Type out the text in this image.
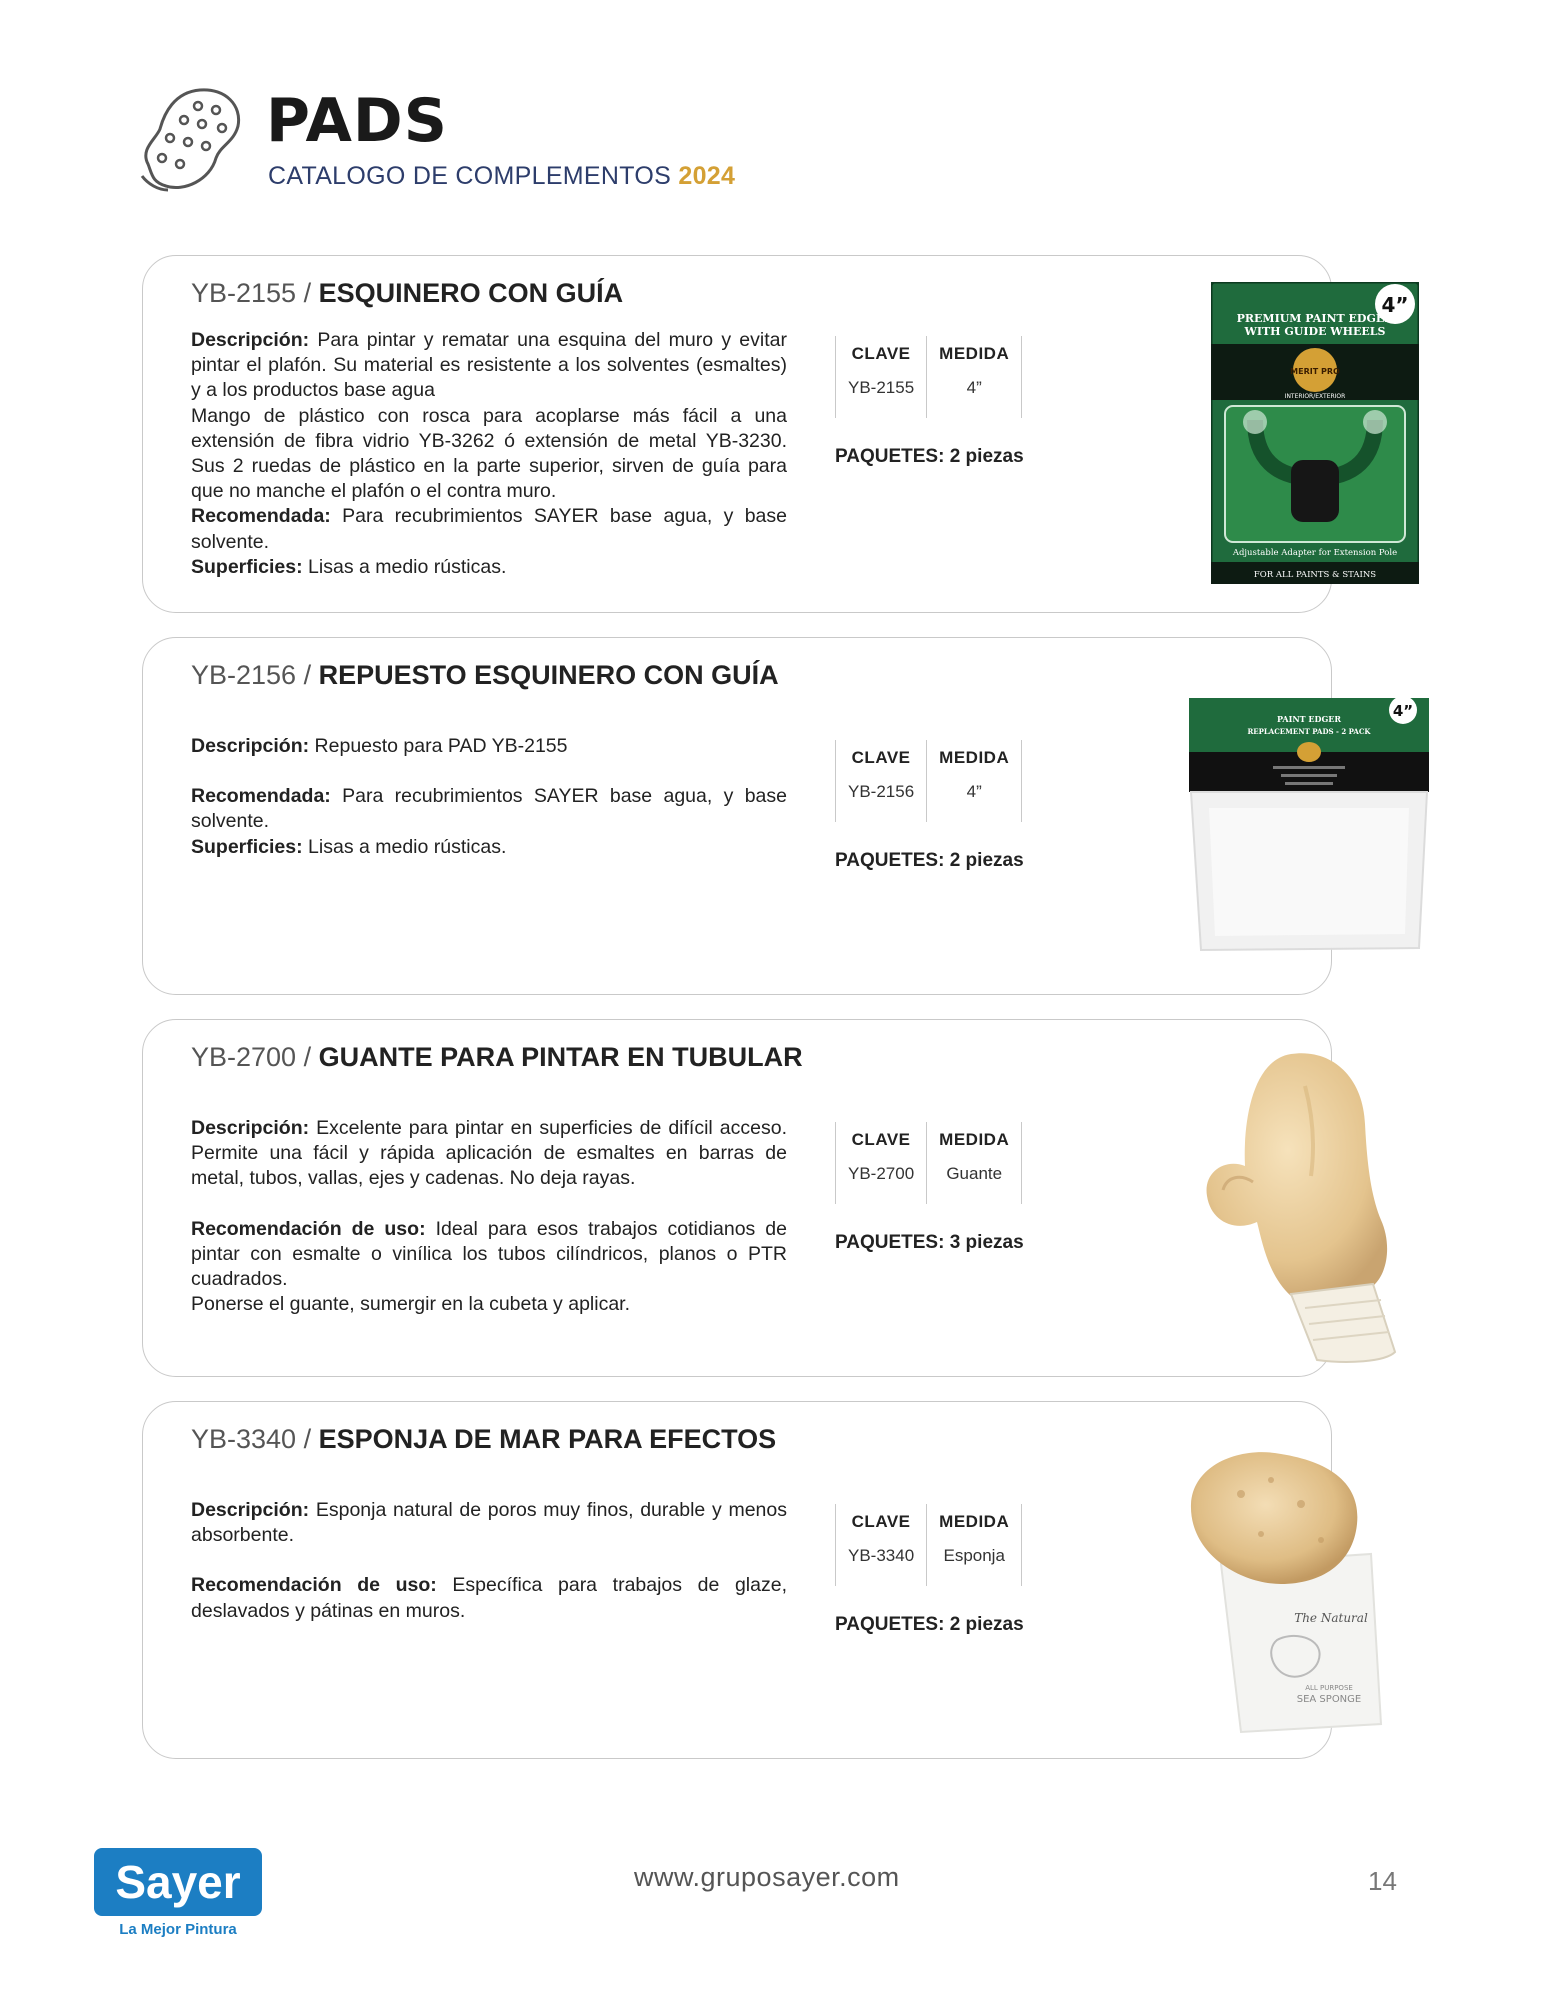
PADS
CATALOGO DE COMPLEMENTOS 2024
YB-2155 / ESQUINERO CON GUÍA

Descripción: Para pintar y rematar una esquina del muro y evitar pintar el plafón. Su material es resistente a los solventes (esmaltes) y a los productos base agua

Mango de plástico con rosca para acoplarse más fácil a una extensión de fibra vidrio YB-3262 ó extensión de metal YB-3230. Sus 2 ruedas de plástico en la parte superior, sirven de guía para que no manche el plafón o el contra muro.

Recomendada: Para recubrimientos SAYER base agua, y base solvente.

Superficies: Lisas a medio rústicas.

CLAVE
YB-2155
MEDIDA
4”
PAQUETES: 2 piezas
4”
PREMIUM PAINT EDGER
WITH GUIDE WHEELS
MERIT PRO
INTERIOR/EXTERIOR
Adjustable Adapter for Extension Pole
FOR ALL PAINTS & STAINS
YB-2156 / REPUESTO ESQUINERO CON GUÍA

Descripción: Repuesto para PAD YB-2155

Recomendada: Para recubrimientos SAYER base agua, y base solvente.

Superficies: Lisas a medio rústicas.

CLAVE
YB-2156
MEDIDA
4”
PAQUETES: 2 piezas
4”
PAINT EDGER
REPLACEMENT PADS - 2 PACK
YB-2700 / GUANTE PARA PINTAR EN TUBULAR

Descripción: Excelente para pintar en superficies de difícil acceso. Permite una fácil y rápida aplicación de esmaltes en barras de metal, tubos, vallas, ejes y cadenas. No deja rayas.

Recomendación de uso: Ideal para esos trabajos cotidianos de pintar con esmalte o vinílica los tubos cilíndricos, planos o PTR cuadrados.

Ponerse el guante, sumergir en la cubeta y aplicar.

CLAVE
YB-2700
MEDIDA
Guante
PAQUETES: 3 piezas
YB-3340 / ESPONJA DE MAR PARA EFECTOS

Descripción: Esponja natural de poros muy finos, durable y menos absorbente.

Recomendación de uso: Específica para trabajos de glaze, deslavados y pátinas en muros.

CLAVE
YB-3340
MEDIDA
Esponja
PAQUETES: 2 piezas	The Natural
ALL PURPOSE
SEA SPONGE
Sayer
La Mejor Pintura
www.gruposayer.com	14
